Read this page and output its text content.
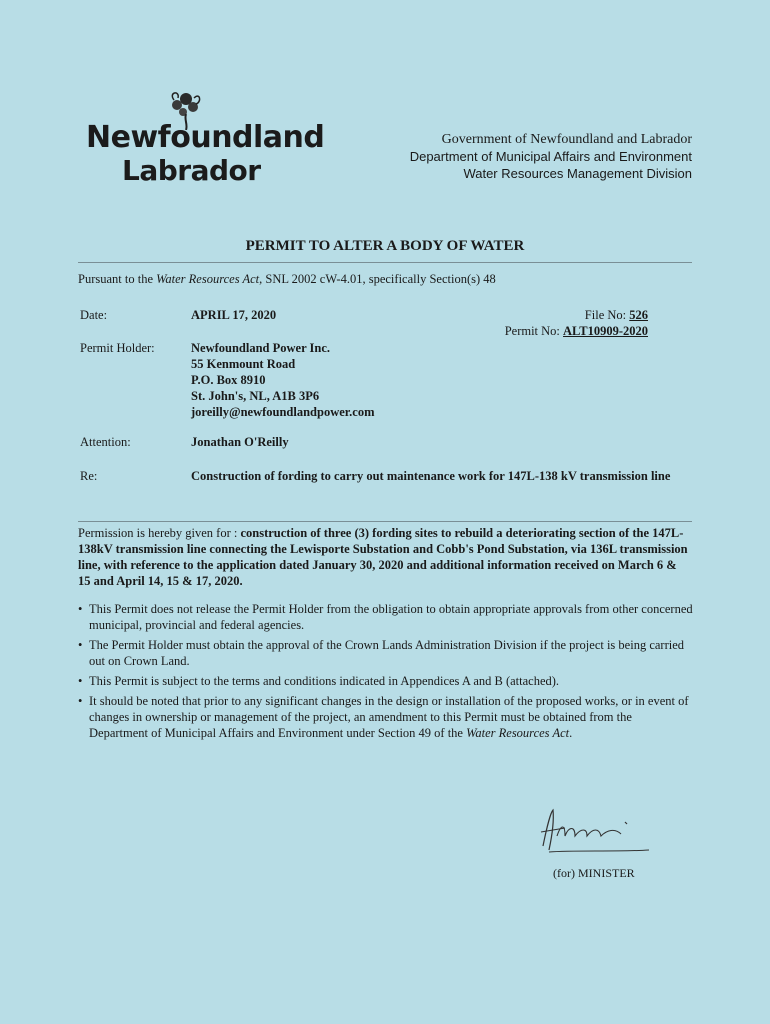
Newfoundland
Labrador
Government of Newfoundland and Labrador
Department of Municipal Affairs and Environment
Water Resources Management Division
PERMIT TO ALTER A BODY OF WATER
Pursuant to the Water Resources Act, SNL 2002 cW-4.01, specifically Section(s) 48
Date:	APRIL 17, 2020	File No: 526
Permit No: ALT10909-2020
Permit Holder:	Newfoundland Power Inc.
55 Kenmount Road
P.O. Box 8910
St. John's, NL, A1B 3P6
joreilly@newfoundlandpower.com
Attention:	Jonathan O'Reilly
Re:	Construction of fording to carry out maintenance work for 147L-138 kV transmission line
Permission is hereby given for : construction of three (3) fording sites to rebuild a deteriorating section of the 147L-138kV transmission line connecting the Lewisporte Substation and Cobb's Pond Substation, via 136L transmission line, with reference to the application dated January 30, 2020 and additional information received on March 6 & 15 and April 14, 15 & 17, 2020.
• This Permit does not release the Permit Holder from the obligation to obtain appropriate approvals from other concerned municipal, provincial and federal agencies.
• The Permit Holder must obtain the approval of the Crown Lands Administration Division if the project is being carried out on Crown Land.
• This Permit is subject to the terms and conditions indicated in Appendices A and B (attached).
• It should be noted that prior to any significant changes in the design or installation of the proposed works, or in event of changes in ownership or management of the project, an amendment to this Permit must be obtained from the Department of Municipal Affairs and Environment under Section 49 of the Water Resources Act.
(for) MINISTER
